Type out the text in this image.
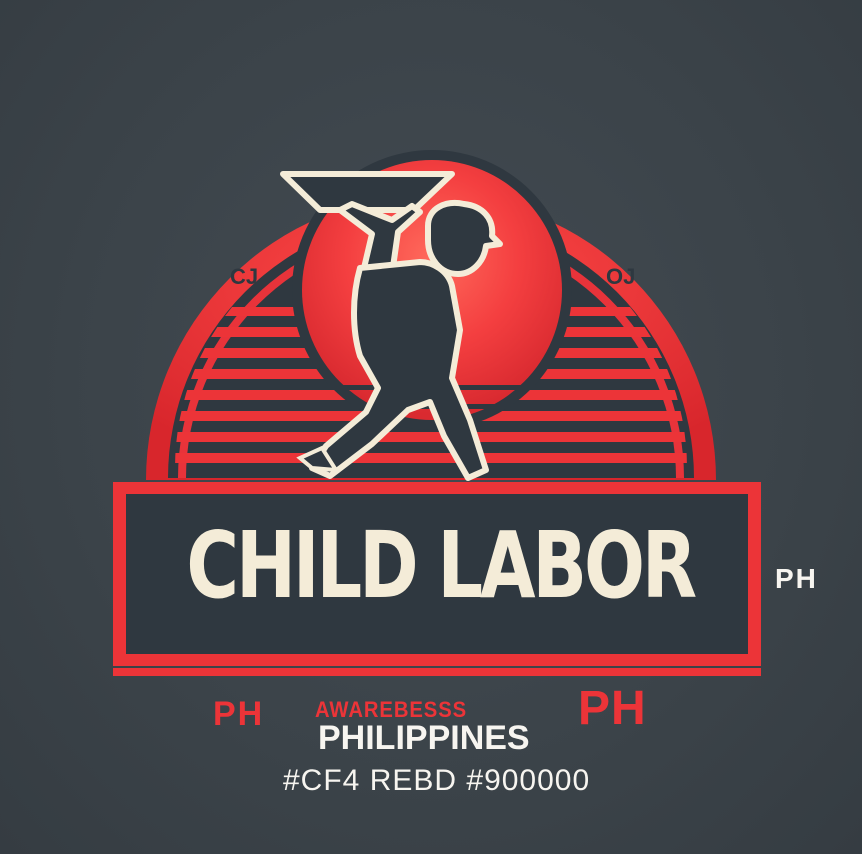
CJ	OJ
CHILD LABOR	PH
PH AWAREBESSS PH
PHILIPPINES
#CF4 REBD #900000
